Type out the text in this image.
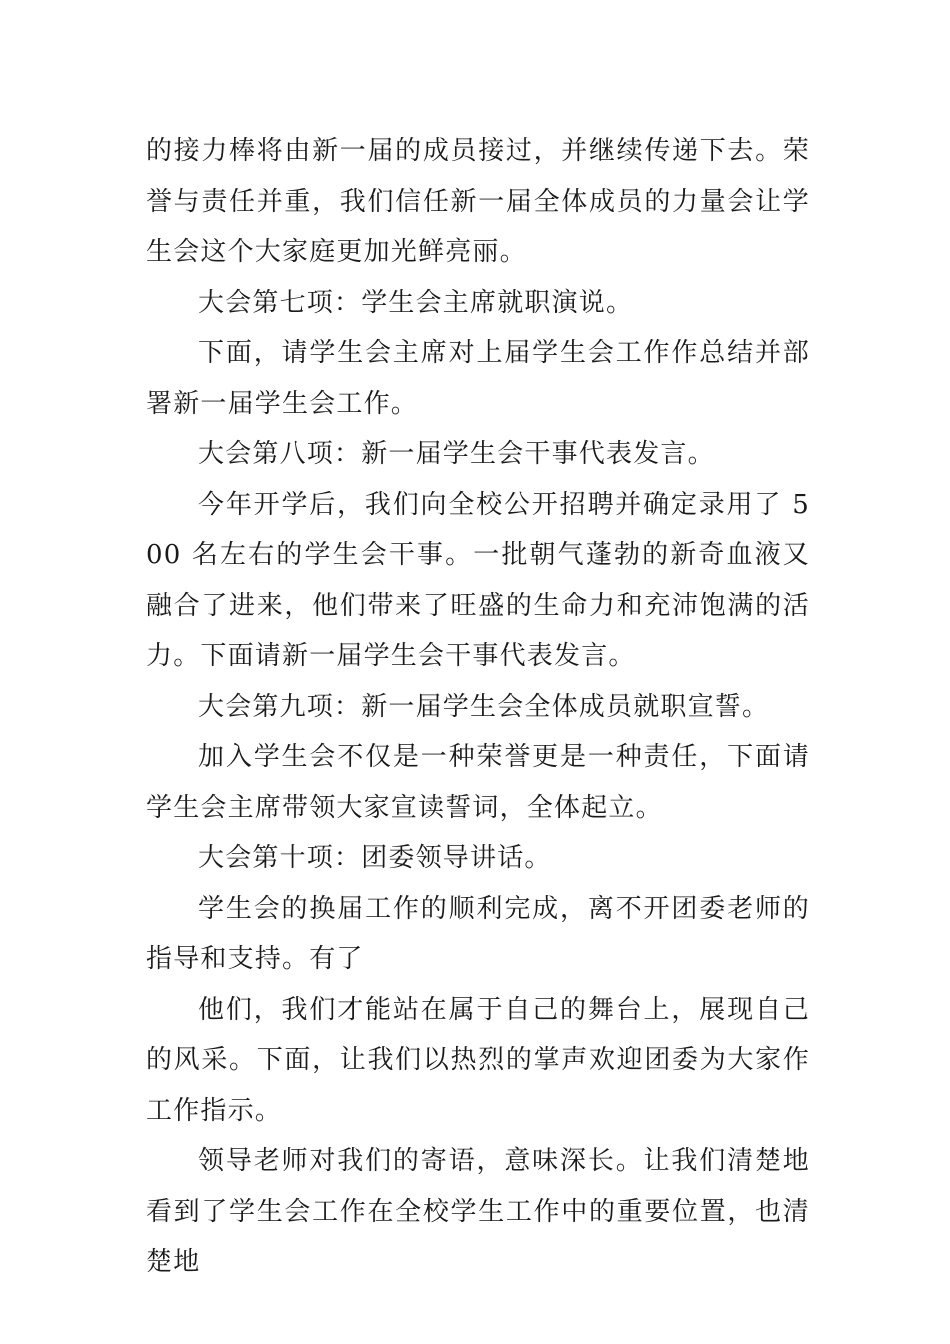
的接力棒将由新一届的成员接过，并继续传递下去。荣誉与责任并重，我们信任新一届全体成员的力量会让学生会这个大家庭更加光鲜亮丽。

大会第七项：学生会主席就职演说。

下面，请学生会主席对上届学生会工作作总结并部署新一届学生会工作。

大会第八项：新一届学生会干事代表发言。

今年开学后，我们向全校公开招聘并确定录用了 500 名左右的学生会干事。一批朝气蓬勃的新奇血液又融合了进来，他们带来了旺盛的生命力和充沛饱满的活力。下面请新一届学生会干事代表发言。

大会第九项：新一届学生会全体成员就职宣誓。

加入学生会不仅是一种荣誉更是一种责任，下面请学生会主席带领大家宣读誓词，全体起立。

大会第十项：团委领导讲话。

学生会的换届工作的顺利完成，离不开团委老师的指导和支持。有了

他们，我们才能站在属于自己的舞台上，展现自己的风采。下面，让我们以热烈的掌声欢迎团委为大家作工作指示。

领导老师对我们的寄语，意味深长。让我们清楚地看到了学生会工作在全校学生工作中的重要位置，也清楚地
